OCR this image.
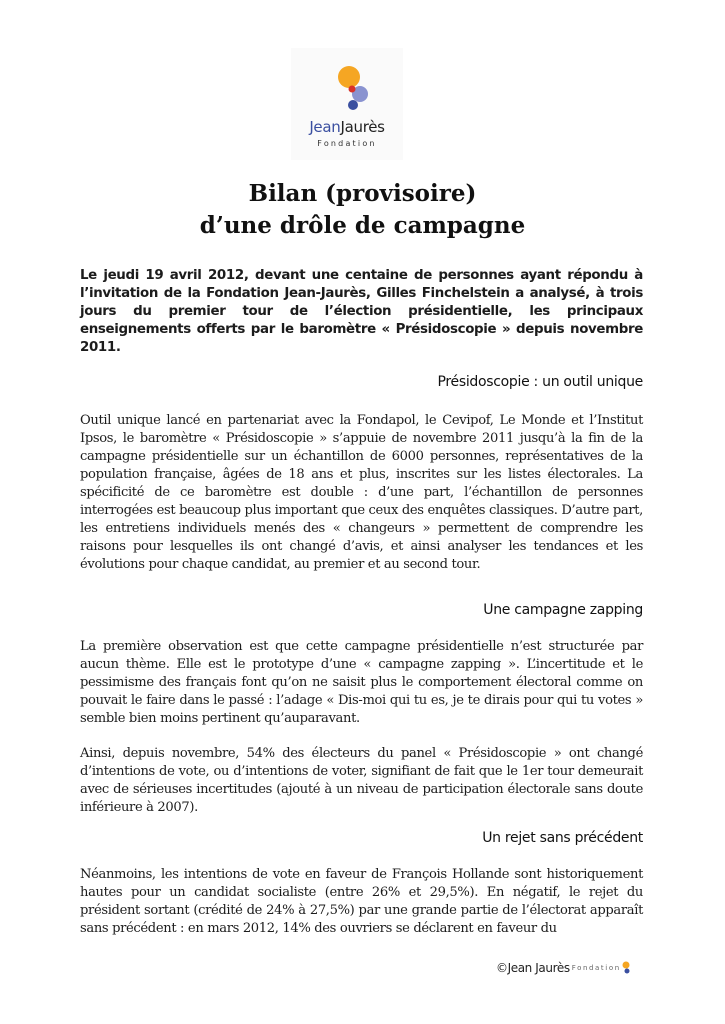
JeanJaurès
Fondation
Bilan (provisoire)
d’une drôle de campagne

Le jeudi 19 avril 2012, devant une centaine de personnes ayant répondu à l’invitation de la Fondation Jean-Jaurès, Gilles Finchelstein a analysé, à trois jours du premier tour de l’élection présidentielle, les principaux enseignements offerts par le baromètre « Présidoscopie » depuis novembre 2011.

Présidoscopie : un outil unique

Outil unique lancé en partenariat avec la Fondapol, le Cevipof, Le Monde et l’Institut Ipsos, le baromètre « Présidoscopie » s’appuie de novembre 2011 jusqu’à la fin de la campagne présidentielle sur un échantillon de 6000 personnes, représentatives de la population française, âgées de 18 ans et plus, inscrites sur les listes électorales. La spécificité de ce baromètre est double : d’une part, l’échantillon de personnes interrogées est beaucoup plus important que ceux des enquêtes classiques. D’autre part, les entretiens individuels menés des « changeurs » permettent de comprendre les raisons pour lesquelles ils ont changé d’avis, et ainsi analyser les tendances et les évolutions pour chaque candidat, au premier et au second tour.

Une campagne zapping

La première observation est que cette campagne présidentielle n’est structurée par aucun thème. Elle est le prototype d’une « campagne zapping ». L’incertitude et le pessimisme des français font qu’on ne saisit plus le comportement électoral comme on pouvait le faire dans le passé : l’adage « Dis-moi qui tu es, je te dirais pour qui tu votes » semble bien moins pertinent qu’auparavant.

Ainsi, depuis novembre, 54% des électeurs du panel « Présidoscopie » ont changé d’intentions de vote, ou d’intentions de voter, signifiant de fait que le 1er tour demeurait avec de sérieuses incertitudes (ajouté à un niveau de participation électorale sans doute inférieure à 2007).

Un rejet sans précédent

Néanmoins, les intentions de vote en faveur de François Hollande sont historiquement hautes pour un candidat socialiste (entre 26% et 29,5%). En négatif, le rejet du président sortant (crédité de 24% à 27,5%) par une grande partie de l’électorat apparaît sans précédent : en mars 2012, 14% des ouvriers se déclarent en faveur du

©Jean Jaurès Fondation
